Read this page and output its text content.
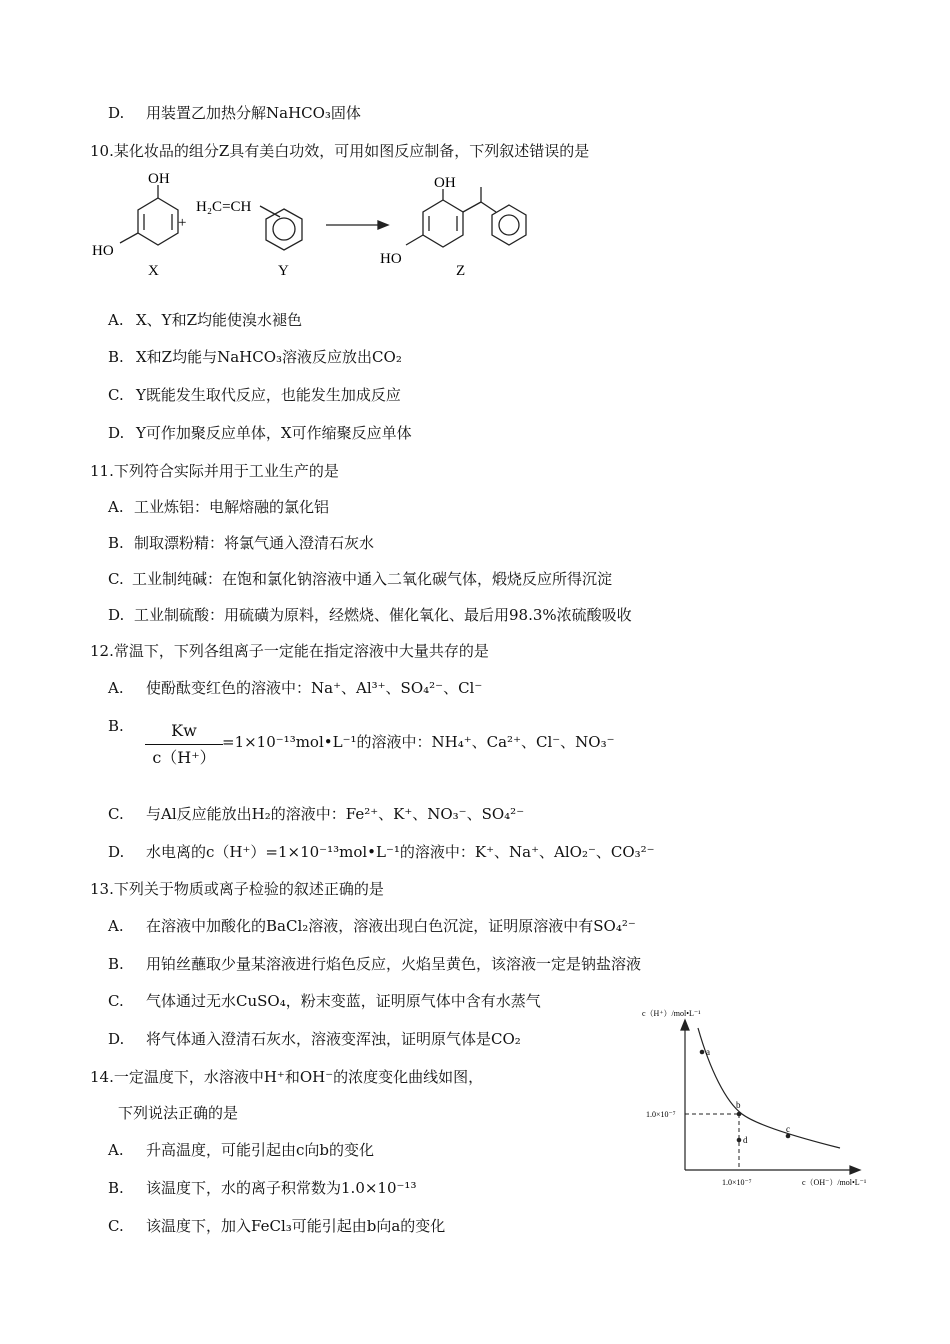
D. 用装置乙加热分解NaHCO₃固体
10.某化妆品的组分Z具有美白功效，可用如图反应制备，下列叙述错误的是
OH
HO
+
X
H₂C=CH
Y
OH
HO
Z
A. X、Y和Z均能使溴水褪色
B. X和Z均能与NaHCO₃溶液反应放出CO₂
C. Y既能发生取代反应，也能发生加成反应
D. Y可作加聚反应单体，X可作缩聚反应单体
11.下列符合实际并用于工业生产的是
A. 工业炼铝：电解熔融的氯化铝
B. 制取漂粉精：将氯气通入澄清石灰水
C. 工业制纯碱：在饱和氯化钠溶液中通入二氧化碳气体，煅烧反应所得沉淀
D. 工业制硫酸：用硫磺为原料，经燃烧、催化氧化、最后用98.3%浓硫酸吸收
12.常温下，下列各组离子一定能在指定溶液中大量共存的是
A. 使酚酞变红色的溶液中：Na⁺、Al³⁺、SO₄²⁻、Cl⁻
B.	Kw
c（H⁺）
=1×10⁻¹³mol•L⁻¹的溶液中：NH₄⁺、Ca²⁺、Cl⁻、NO₃⁻
C. 与Al反应能放出H₂的溶液中：Fe²⁺、K⁺、NO₃⁻、SO₄²⁻
D. 水电离的c（H⁺）=1×10⁻¹³mol•L⁻¹的溶液中：K⁺、Na⁺、AlO₂⁻、CO₃²⁻
13.下列关于物质或离子检验的叙述正确的是
A. 在溶液中加酸化的BaCl₂溶液，溶液出现白色沉淀，证明原溶液中有SO₄²⁻
B. 用铂丝蘸取少量某溶液进行焰色反应，火焰呈黄色，该溶液一定是钠盐溶液
C. 气体通过无水CuSO₄，粉末变蓝，证明原气体中含有水蒸气
D. 将气体通入澄清石灰水，溶液变浑浊，证明原气体是CO₂
14.一定温度下，水溶液中H⁺和OH⁻的浓度变化曲线如图，
下列说法正确的是
A. 升高温度，可能引起由c向b的变化
B. 该温度下，水的离子积常数为1.0×10⁻¹³
C. 该温度下，加入FeCl₃可能引起由b向a的变化
a
b
c
d
c（H⁺）/mol•L⁻¹
1.0×10⁻⁷
1.0×10⁻⁷	c（OH⁻）/mol•L⁻¹
